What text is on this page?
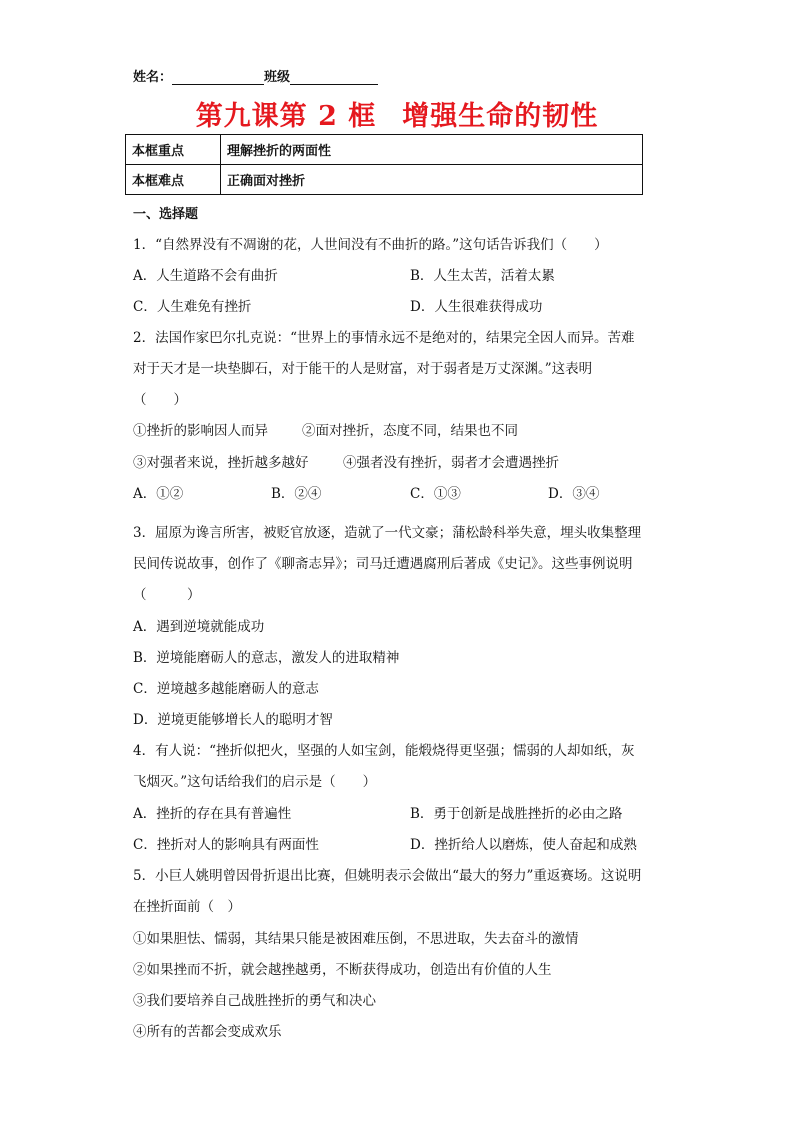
姓名：	班级
第九课第 2 框 增强生命的韧性
本框重点	理解挫折的两面性
本框难点	正确面对挫折
一、选择题
1．“自然界没有不凋谢的花，人世间没有不曲折的路。”这句话告诉我们（　　）
A．人生道路不会有曲折	B．人生太苦，活着太累
C．人生难免有挫折	D．人生很难获得成功
2．法国作家巴尔扎克说：“世界上的事情永远不是绝对的，结果完全因人而异。苦难
对于天才是一块垫脚石，对于能干的人是财富，对于弱者是万丈深渊。”这表明
（　　）
①挫折的影响因人而异	②面对挫折，态度不同，结果也不同
③对强者来说，挫折越多越好	④强者没有挫折，弱者才会遭遇挫折
A．①②	B．②④	C．①③	D．③④
3．屈原为谗言所害，被贬官放逐，造就了一代文豪；蒲松龄科举失意，埋头收集整理
民间传说故事，创作了《聊斋志异》；司马迁遭遇腐刑后著成《史记》。这些事例说明
（　　　）
A．遇到逆境就能成功
B．逆境能磨砺人的意志，激发人的进取精神
C．逆境越多越能磨砺人的意志
D．逆境更能够增长人的聪明才智
4．有人说：“挫折似把火，坚强的人如宝剑，能煅烧得更坚强；懦弱的人却如纸，灰
飞烟灭。”这句话给我们的启示是（　　）
A．挫折的存在具有普遍性	B．勇于创新是战胜挫折的必由之路
C．挫折对人的影响具有两面性	D．挫折给人以磨炼，使人奋起和成熟
5．小巨人姚明曾因骨折退出比赛，但姚明表示会做出“最大的努力”重返赛场。这说明
在挫折面前（　）
①如果胆怯、懦弱，其结果只能是被困难压倒，不思进取，失去奋斗的激情
②如果挫而不折，就会越挫越勇，不断获得成功，创造出有价值的人生
③我们要培养自己战胜挫折的勇气和决心
④所有的苦都会变成欢乐
